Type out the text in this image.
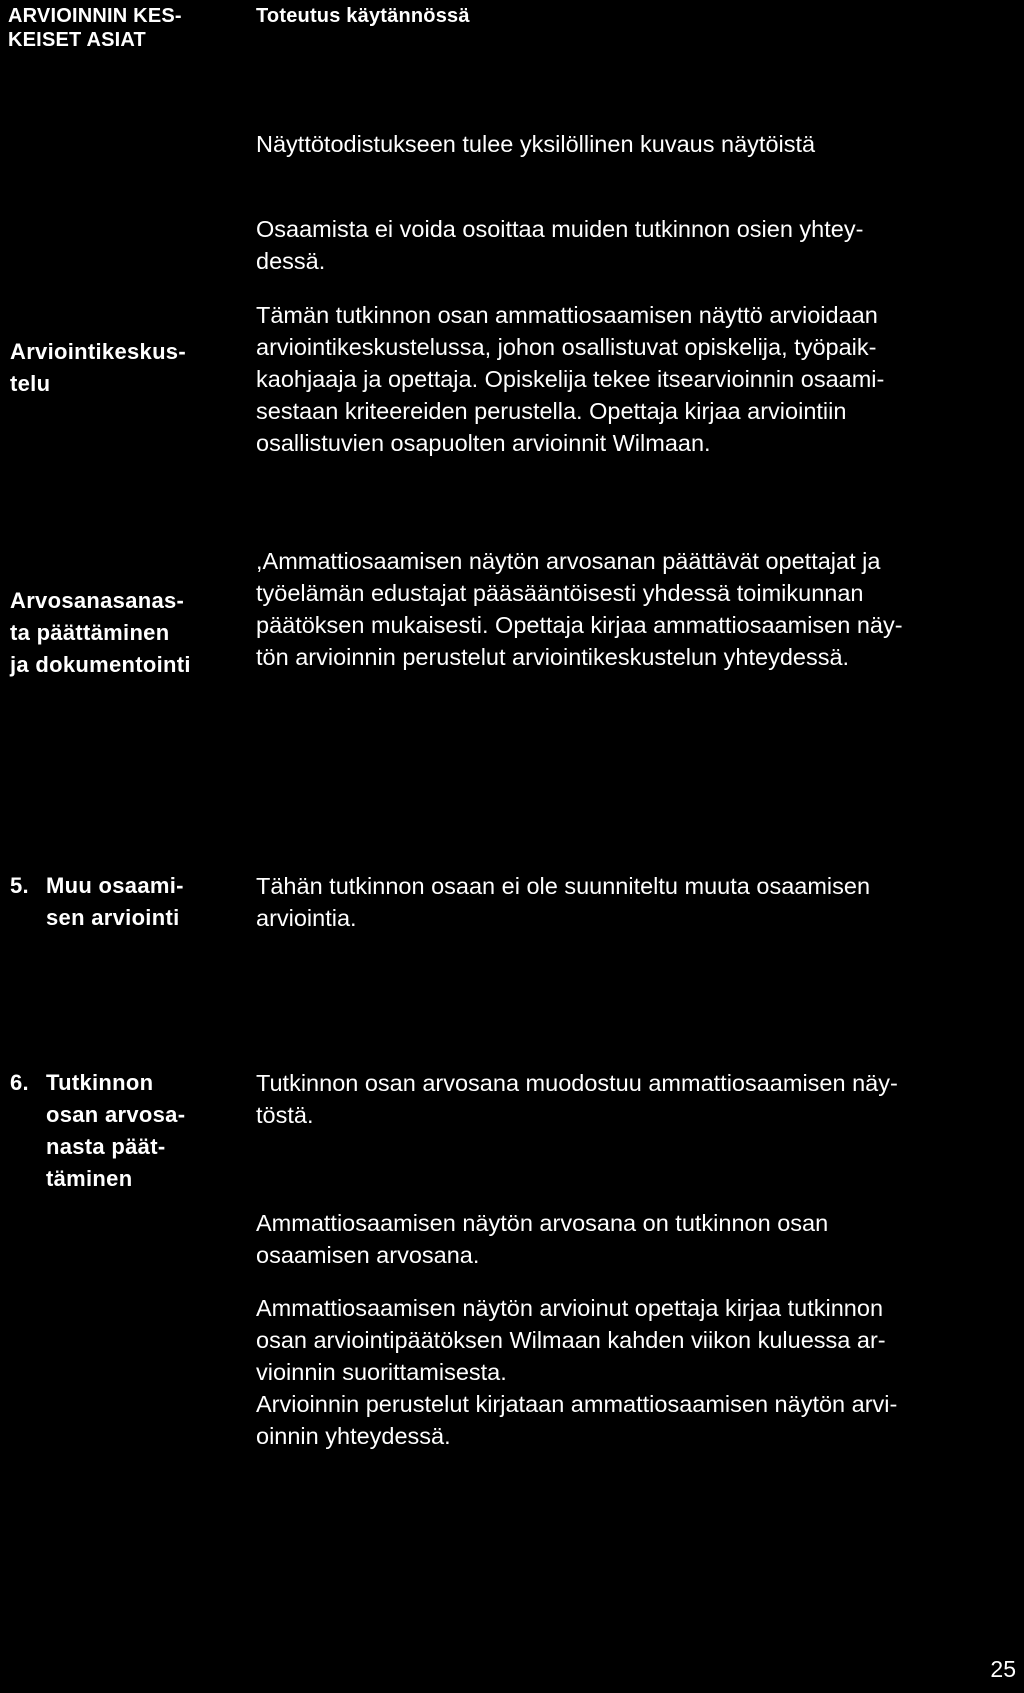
ARVIOINNIN KES-
KEISET ASIAT
Toteutus käytännössä
Näyttötodistukseen tulee yksilöllinen kuvaus näytöistä
Osaamista ei voida osoittaa muiden tutkinnon osien yhtey-
dessä.
Tämän tutkinnon osan ammattiosaamisen näyttö arvioidaan
arviointikeskustelussa, johon osallistuvat opiskelija, työpaik-
kaohjaaja ja opettaja. Opiskelija tekee itsearvioinnin osaami-
sestaan kriteereiden perustella. Opettaja kirjaa arviointiin
osallistuvien osapuolten arvioinnit Wilmaan.
,Ammattiosaamisen näytön arvosanan päättävät opettajat ja
työelämän edustajat pääsääntöisesti yhdessä toimikunnan
päätöksen mukaisesti. Opettaja kirjaa ammattiosaamisen näy-
tön arvioinnin perustelut arviointikeskustelun yhteydessä.
Tähän tutkinnon osaan ei ole suunniteltu muuta osaamisen
arviointia.
Tutkinnon osan arvosana muodostuu ammattiosaamisen näy-
töstä.
Ammattiosaamisen näytön arvosana on tutkinnon osan
osaamisen arvosana.
Ammattiosaamisen näytön arvioinut opettaja kirjaa tutkinnon
osan arviointipäätöksen Wilmaan kahden viikon kuluessa ar-
vioinnin suorittamisesta.
Arvioinnin perustelut kirjataan ammattiosaamisen näytön arvi-
oinnin yhteydessä.
Arviointikeskus-
telu
Arvosanasanas-
ta päättäminen
ja dokumentointi
5. Muu osaami-
sen arviointi
6. Tutkinnon
osan arvosa-
nasta päät-
täminen
25
